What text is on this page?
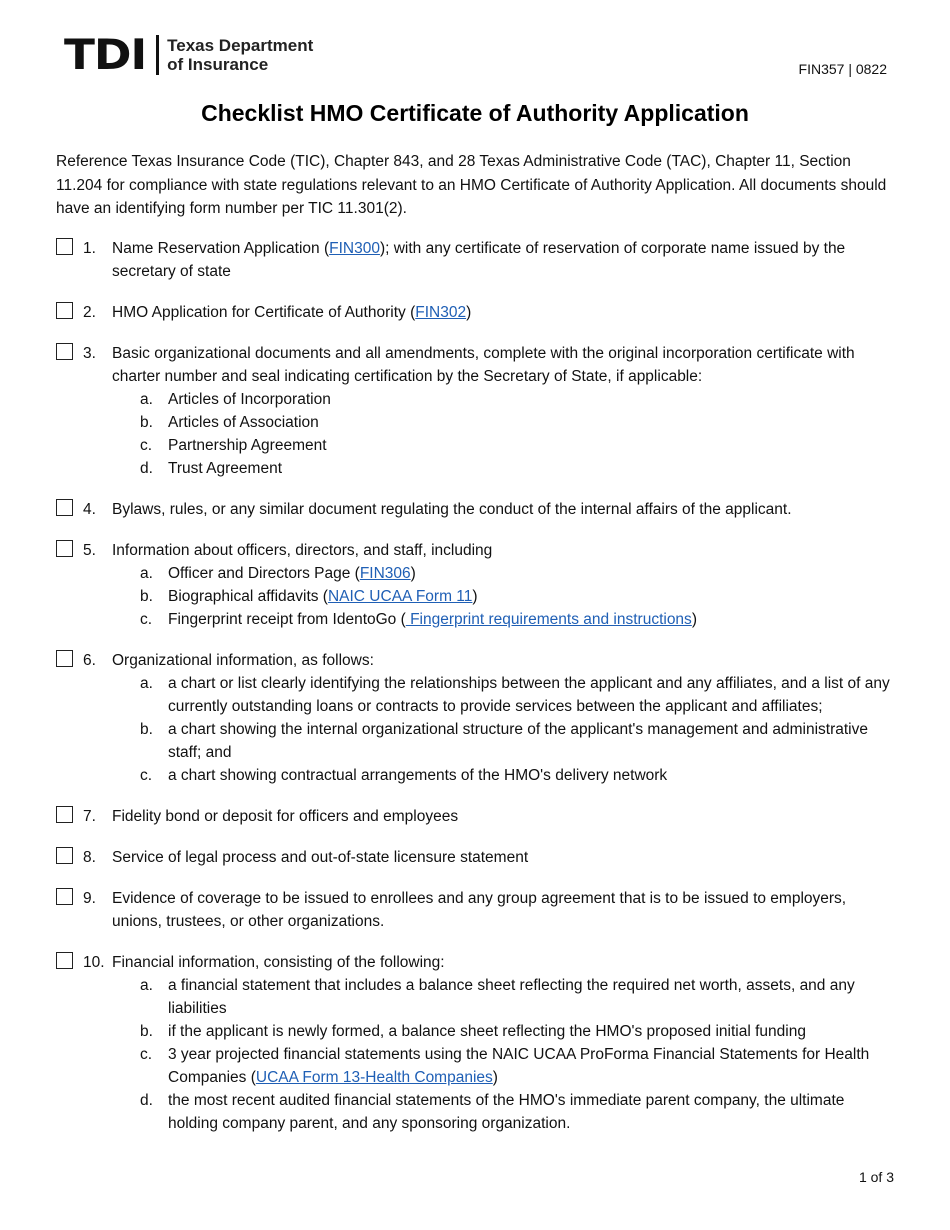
TDI Texas Department
of Insurance	FIN357 | 0822
Checklist HMO Certificate of Authority Application

Reference Texas Insurance Code (TIC), Chapter 843, and 28 Texas Administrative Code (TAC), Chapter 11, Section 11.204 for compliance with state regulations relevant to an HMO Certificate of Authority Application. All documents should have an identifying form number per TIC 11.301(2).

1. Name Reservation Application (FIN300); with any certificate of reservation of corporate name issued by the secretary of state
2. HMO Application for Certificate of Authority (FIN302)
3. Basic organizational documents and all amendments, complete with the original incorporation certificate with charter number and seal indicating certification by the Secretary of State, if applicable:
a. Articles of Incorporation
b. Articles of Association
c. Partnership Agreement
d. Trust Agreement
4. Bylaws, rules, or any similar document regulating the conduct of the internal affairs of the applicant.
5. Information about officers, directors, and staff, including
a. Officer and Directors Page (FIN306)
b. Biographical affidavits (NAIC UCAA Form 11)
c. Fingerprint receipt from IdentoGo ( Fingerprint requirements and instructions)
6. Organizational information, as follows:
a. a chart or list clearly identifying the relationships between the applicant and any affiliates, and a list of any currently outstanding loans or contracts to provide services between the applicant and affiliates;
b. a chart showing the internal organizational structure of the applicant's management and administrative staff; and
c. a chart showing contractual arrangements of the HMO's delivery network
7. Fidelity bond or deposit for officers and employees
8. Service of legal process and out-of-state licensure statement
9. Evidence of coverage to be issued to enrollees and any group agreement that is to be issued to employers, unions, trustees, or other organizations.
10. Financial information, consisting of the following:
a. a financial statement that includes a balance sheet reflecting the required net worth, assets, and any liabilities
b. if the applicant is newly formed, a balance sheet reflecting the HMO's proposed initial funding
c. 3 year projected financial statements using the NAIC UCAA ProForma Financial Statements for Health Companies (UCAA Form 13-Health Companies)
d. the most recent audited financial statements of the HMO's immediate parent company, the ultimate holding company parent, and any sponsoring organization.
1 of 3
